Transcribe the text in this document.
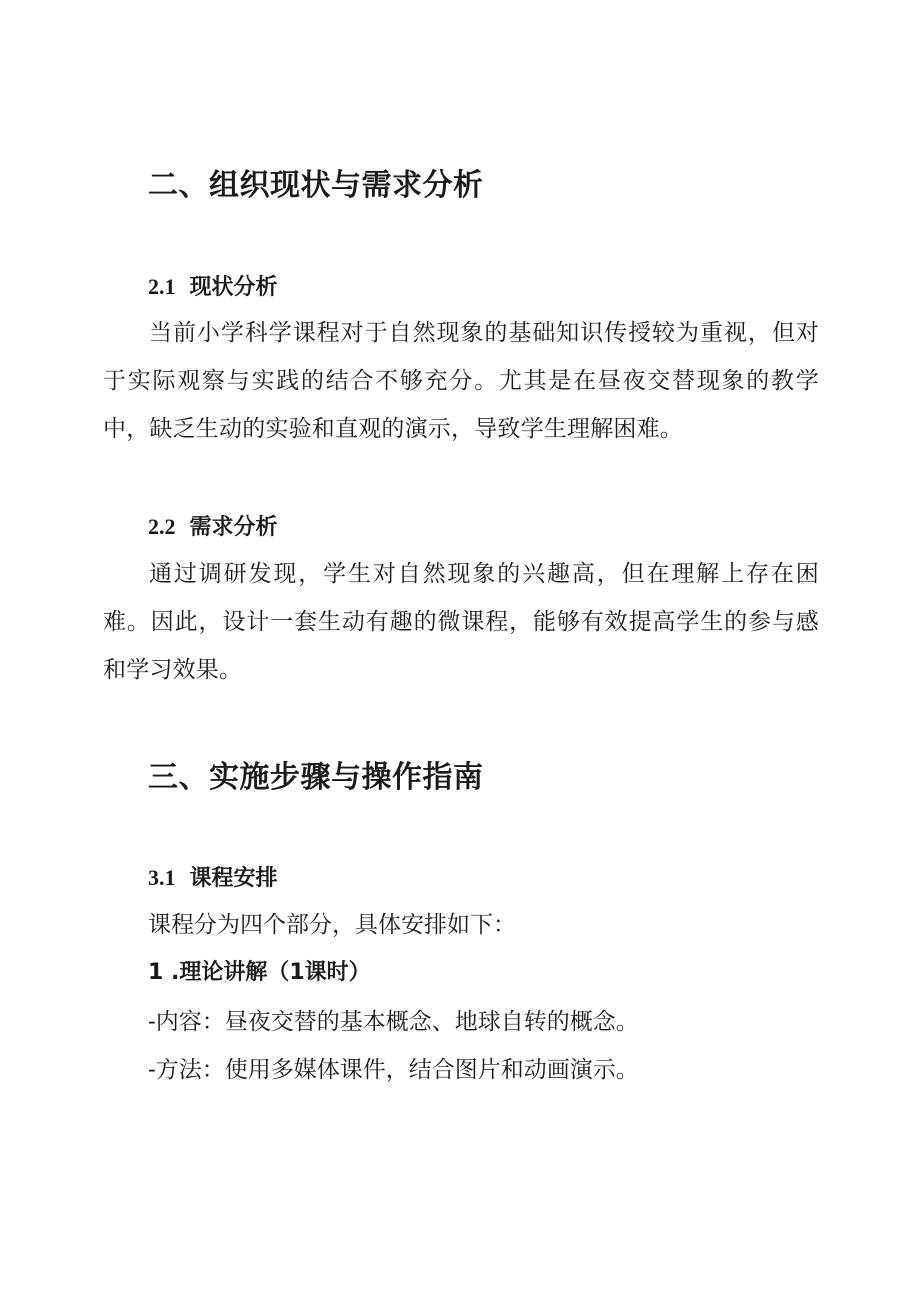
二、组织现状与需求分析
2.1 现状分析

当前小学科学课程对于自然现象的基础知识传授较为重视，但对于实际观察与实践的结合不够充分。尤其是在昼夜交替现象的教学中，缺乏生动的实验和直观的演示，导致学生理解困难。

2.2 需求分析

通过调研发现，学生对自然现象的兴趣高，但在理解上存在困难。因此，设计一套生动有趣的微课程，能够有效提高学生的参与感和学习效果。

三、实施步骤与操作指南
3.1 课程安排

课程分为四个部分，具体安排如下：

1 .理论讲解（1课时）

-内容：昼夜交替的基本概念、地球自转的概念。

-方法：使用多媒体课件，结合图片和动画演示。
